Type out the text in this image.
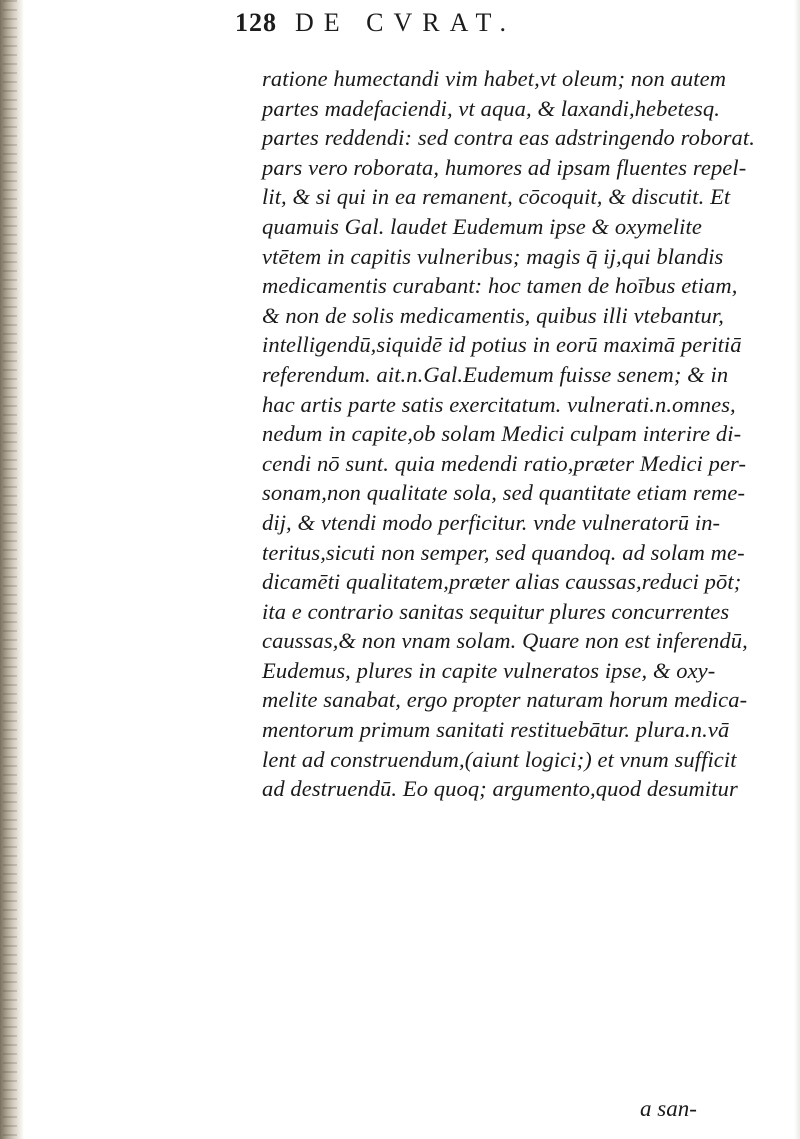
128 DE CVRAT.
ratione humectandi vim habet,vt oleum; non autem
partes madefaciendi, vt aqua, & laxandi,hebetesq.
partes reddendi: sed contra eas adstringendo roborat.
pars vero roborata, humores ad ipsam fluentes repel-
lit, & si qui in ea remanent, cōcoquit, & discutit. Et
quamuis Gal. laudet Eudemum ipse & oxymelite
vtētem in capitis vulneribus; magis q̄ ij,qui blandis
medicamentis curabant: hoc tamen de hoībus etiam,
& non de solis medicamentis, quibus illi vtebantur,
intelligendū,siquidē id potius in eorū maximā peritiā
referendum. ait.n.Gal.Eudemum fuisse senem; & in
hac artis parte satis exercitatum. vulnerati.n.omnes,
nedum in capite,ob solam Medici culpam interire di-
cendi nō sunt. quia medendi ratio,præter Medici per-
sonam,non qualitate sola, sed quantitate etiam reme-
dij, & vtendi modo perficitur. vnde vulneratorū in-
teritus,sicuti non semper, sed quandoq. ad solam me-
dicamēti qualitatem,præter alias caussas,reduci pōt;
ita e contrario sanitas sequitur plures concurrentes
caussas,& non vnam solam. Quare non est inferendū,
Eudemus, plures in capite vulneratos ipse, & oxy-
melite sanabat, ergo propter naturam horum medica-
mentorum primum sanitati restituebātur. plura.n.vā
lent ad construendum,(aiunt logici;) et vnum sufficit
ad destruendū. Eo quoq; argumento,quod desumitur
a san-
